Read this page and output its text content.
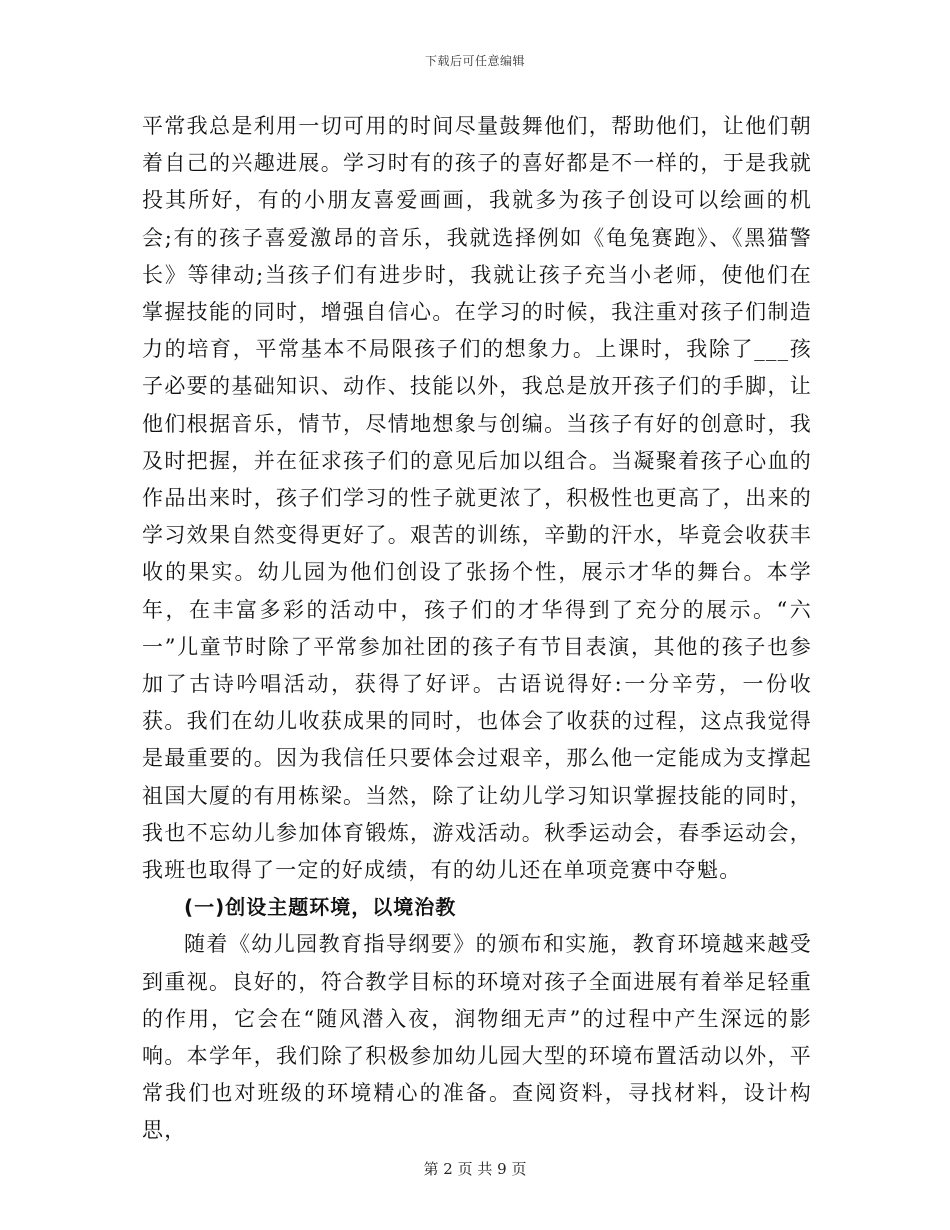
下载后可任意编辑

平常我总是利用一切可用的时间尽量鼓舞他们，帮助他们，让他们朝着自己的兴趣进展。学习时有的孩子的喜好都是不一样的，于是我就投其所好，有的小朋友喜爱画画，我就多为孩子创设可以绘画的机会;有的孩子喜爱激昂的音乐，我就选择例如《龟兔赛跑》、《黑猫警长》等律动;当孩子们有进步时，我就让孩子充当小老师，使他们在掌握技能的同时，增强自信心。在学习的时候，我注重对孩子们制造力的培育，平常基本不局限孩子们的想象力。上课时，我除了___孩子必要的基础知识、动作、技能以外，我总是放开孩子们的手脚，让他们根据音乐，情节，尽情地想象与创编。当孩子有好的创意时，我及时把握，并在征求孩子们的意见后加以组合。当凝聚着孩子心血的作品出来时，孩子们学习的性子就更浓了，积极性也更高了，出来的学习效果自然变得更好了。艰苦的训练，辛勤的汗水，毕竟会收获丰收的果实。幼儿园为他们创设了张扬个性，展示才华的舞台。本学年，在丰富多彩的活动中，孩子们的才华得到了充分的展示。“六一”儿童节时除了平常参加社团的孩子有节目表演，其他的孩子也参加了古诗吟唱活动，获得了好评。古语说得好:一分辛劳，一份收获。我们在幼儿收获成果的同时，也体会了收获的过程，这点我觉得是最重要的。因为我信任只要体会过艰辛，那么他一定能成为支撑起祖国大厦的有用栋梁。当然，除了让幼儿学习知识掌握技能的同时，我也不忘幼儿参加体育锻炼，游戏活动。秋季运动会，春季运动会，我班也取得了一定的好成绩，有的幼儿还在单项竞赛中夺魁。

(一)创设主题环境，以境治教

随着《幼儿园教育指导纲要》的颁布和实施，教育环境越来越受到重视。良好的，符合教学目标的环境对孩子全面进展有着举足轻重的作用，它会在“随风潜入夜，润物细无声”的过程中产生深远的影响。本学年，我们除了积极参加幼儿园大型的环境布置活动以外，平常我们也对班级的环境精心的准备。查阅资料，寻找材料，设计构思，

第 2 页 共 9 页
